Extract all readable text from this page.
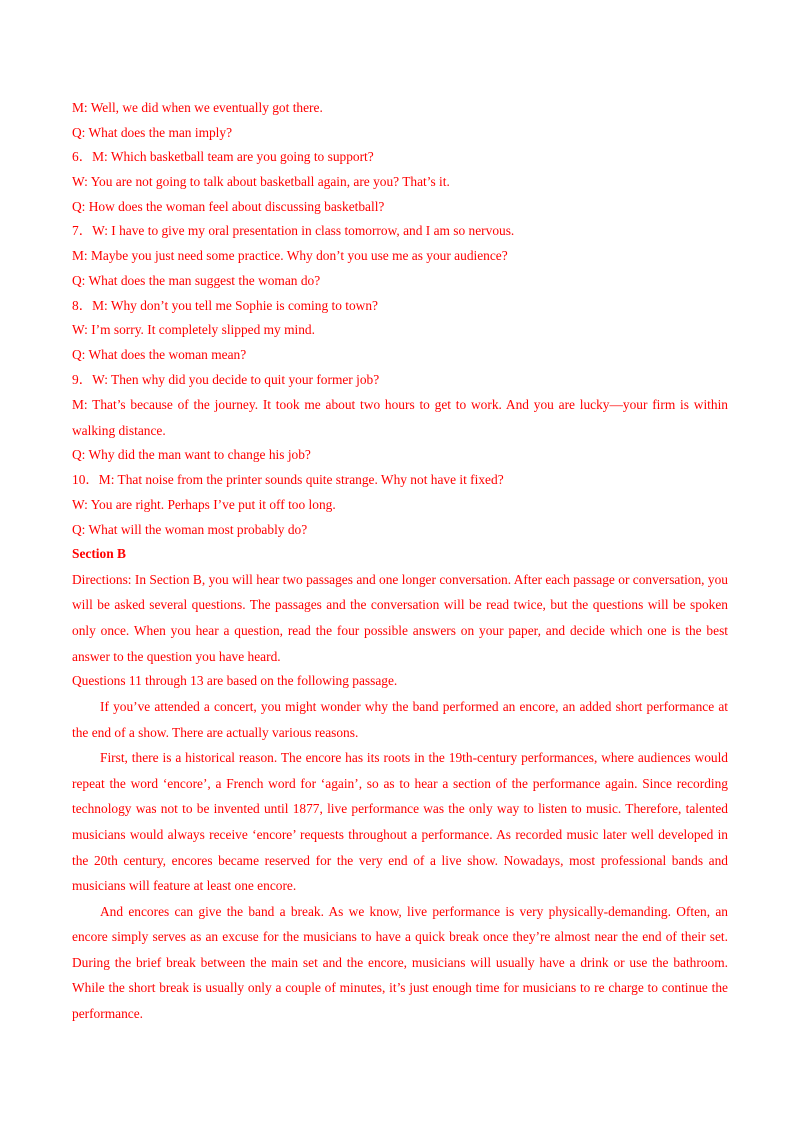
M: Well, we did when we eventually got there.
Q: What does the man imply?
6．M: Which basketball team are you going to support?
W: You are not going to talk about basketball again, are you? That’s it.
Q: How does the woman feel about discussing basketball?
7．W: I have to give my oral presentation in class tomorrow, and I am so nervous.
M: Maybe you just need some practice. Why don’t you use me as your audience?
Q: What does the man suggest the woman do?
8．M: Why don’t you tell me Sophie is coming to town?
W: I’m sorry. It completely slipped my mind.
Q: What does the woman mean?
9．W: Then why did you decide to quit your former job?

M: That’s because of the journey. It took me about two hours to get to work. And you are lucky—your firm is within walking distance.

Q: Why did the man want to change his job?
10．M: That noise from the printer sounds quite strange. Why not have it fixed?
W: You are right. Perhaps I’ve put it off too long.
Q: What will the woman most probably do?
Section B

Directions: In Section B, you will hear two passages and one longer conversation. After each passage or conversation, you will be asked several questions. The passages and the conversation will be read twice, but the questions will be spoken only once. When you hear a question, read the four possible answers on your paper, and decide which one is the best answer to the question you have heard.

Questions 11 through 13 are based on the following passage.

If you’ve attended a concert, you might wonder why the band performed an encore, an added short performance at the end of a show. There are actually various reasons.

First, there is a historical reason. The encore has its roots in the 19th-century performances, where audiences would repeat the word ‘encore’, a French word for ‘again’, so as to hear a section of the performance again. Since recording technology was not to be invented until 1877, live performance was the only way to listen to music. Therefore, talented musicians would always receive ‘encore’ requests throughout a performance. As recorded music later well developed in the 20th century, encores became reserved for the very end of a live show. Nowadays, most professional bands and musicians will feature at least one encore.

And encores can give the band a break. As we know, live performance is very physically-demanding. Often, an encore simply serves as an excuse for the musicians to have a quick break once they’re almost near the end of their set. During the brief break between the main set and the encore, musicians will usually have a drink or use the bathroom. While the short break is usually only a couple of minutes, it’s just enough time for musicians to re charge to continue the performance.
